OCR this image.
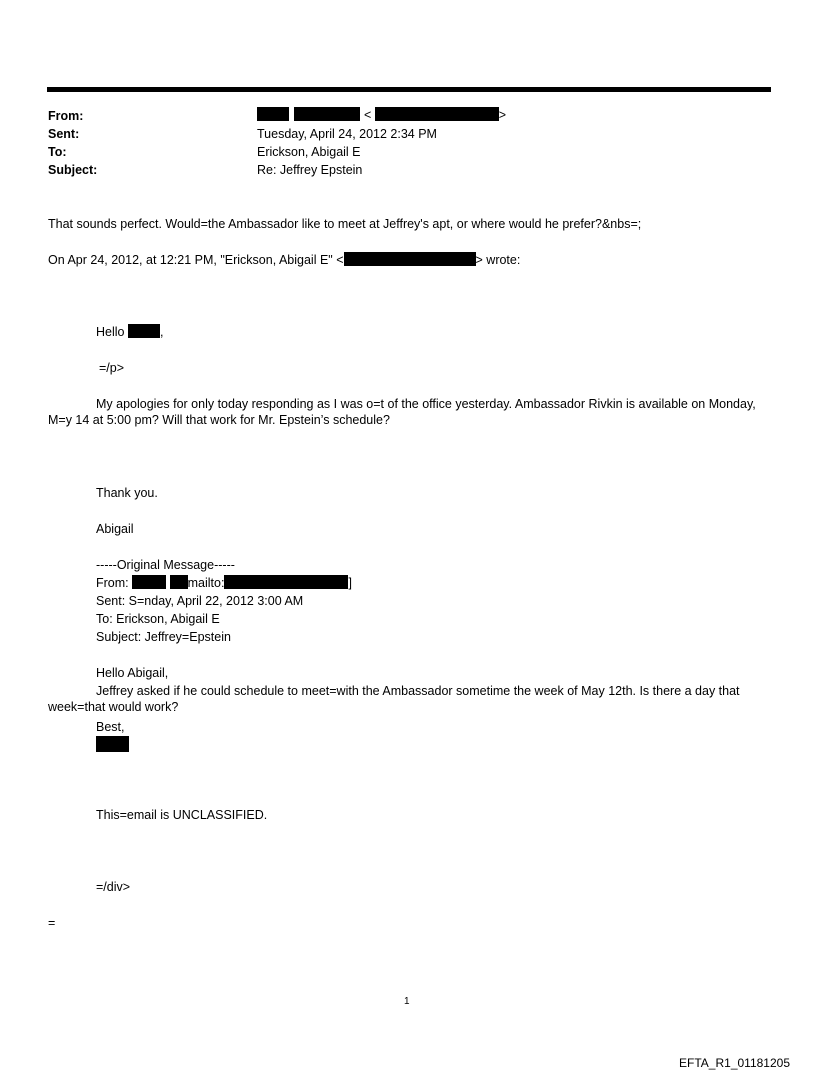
From:	<	>
Sent:	Tuesday, April 24, 2012 2:34 PM
To:	Erickson, Abigail E
Subject:	Re: Jeffrey Epstein
That sounds perfect. Would=the Ambassador like to meet at Jeffrey's apt, or where would he prefer?&nbs=;
On Apr 24, 2012, at 12:21 PM, "Erickson, Abigail E" <	> wrote:
Hello	,
=/p>
My apologies for only today responding as I was o=t of the office yesterday. Ambassador Rivkin is available on Monday, M=y 14 at 5:00 pm? Will that work for Mr. Epstein’s schedule?
Thank you.
Abigail
-----Original Message-----
From:	mailto:	]
Sent: S=nday, April 22, 2012 3:00 AM
To: Erickson, Abigail E
Subject: Jeffrey=Epstein
Hello Abigail,
Jeffrey asked if he could schedule to meet=with the Ambassador sometime the week of May 12th. Is there a day that week=that would work?
Best,
This=email is UNCLASSIFIED.
=/div>
=
1
EFTA_R1_01181205
